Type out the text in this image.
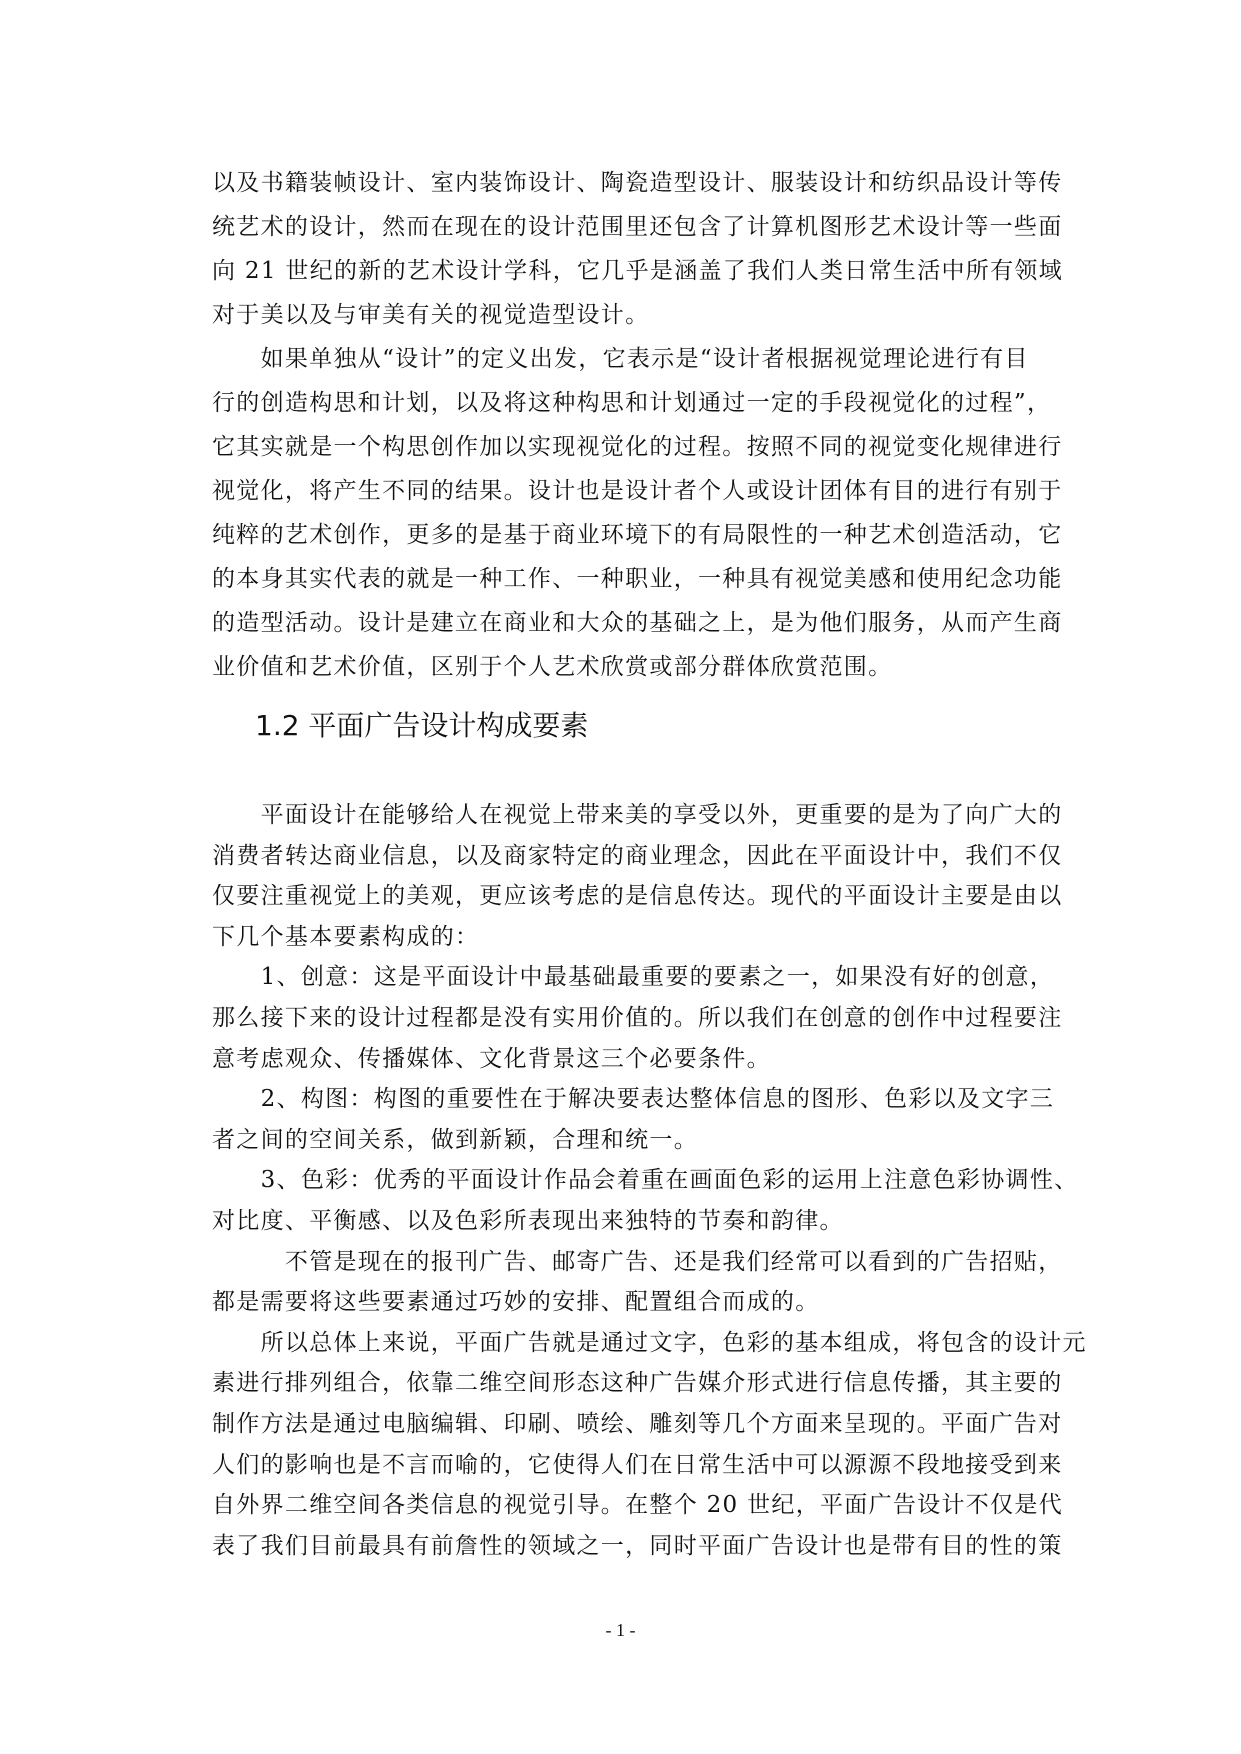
以及书籍装帧设计、室内装饰设计、陶瓷造型设计、服装设计和纺织品设计等传
统艺术的设计，然而在现在的设计范围里还包含了计算机图形艺术设计等一些面
向 21 世纪的新的艺术设计学科，它几乎是涵盖了我们人类日常生活中所有领域
对于美以及与审美有关的视觉造型设计。
　　如果单独从“设计”的定义出发，它表示是“设计者根据视觉理论进行有目
行的创造构思和计划，以及将这种构思和计划通过一定的手段视觉化的过程”，
它其实就是一个构思创作加以实现视觉化的过程。按照不同的视觉变化规律进行
视觉化，将产生不同的结果。设计也是设计者个人或设计团体有目的进行有别于
纯粹的艺术创作，更多的是基于商业环境下的有局限性的一种艺术创造活动，它
的本身其实代表的就是一种工作、一种职业，一种具有视觉美感和使用纪念功能
的造型活动。设计是建立在商业和大众的基础之上，是为他们服务，从而产生商
业价值和艺术价值，区别于个人艺术欣赏或部分群体欣赏范围。
1.2 平面广告设计构成要素
　　平面设计在能够给人在视觉上带来美的享受以外，更重要的是为了向广大的
消费者转达商业信息，以及商家特定的商业理念，因此在平面设计中，我们不仅
仅要注重视觉上的美观，更应该考虑的是信息传达。现代的平面设计主要是由以
下几个基本要素构成的：
　　1、创意：这是平面设计中最基础最重要的要素之一，如果没有好的创意，
那么接下来的设计过程都是没有实用价值的。所以我们在创意的创作中过程要注
意考虑观众、传播媒体、文化背景这三个必要条件。
　　2、构图：构图的重要性在于解决要表达整体信息的图形、色彩以及文字三
者之间的空间关系，做到新颖，合理和统一。
　　3、色彩：优秀的平面设计作品会着重在画面色彩的运用上注意色彩协调性、
对比度、平衡感、以及色彩所表现出来独特的节奏和韵律。
　　　不管是现在的报刊广告、邮寄广告、还是我们经常可以看到的广告招贴，
都是需要将这些要素通过巧妙的安排、配置组合而成的。
　　所以总体上来说，平面广告就是通过文字，色彩的基本组成，将包含的设计元
素进行排列组合，依靠二维空间形态这种广告媒介形式进行信息传播，其主要的
制作方法是通过电脑编辑、印刷、喷绘、雕刻等几个方面来呈现的。平面广告对
人们的影响也是不言而喻的，它使得人们在日常生活中可以源源不段地接受到来
自外界二维空间各类信息的视觉引导。在整个 20 世纪，平面广告设计不仅是代
- 1 -
表了我们目前最具有前詹性的领域之一，同时平面广告设计也是带有目的性的策
